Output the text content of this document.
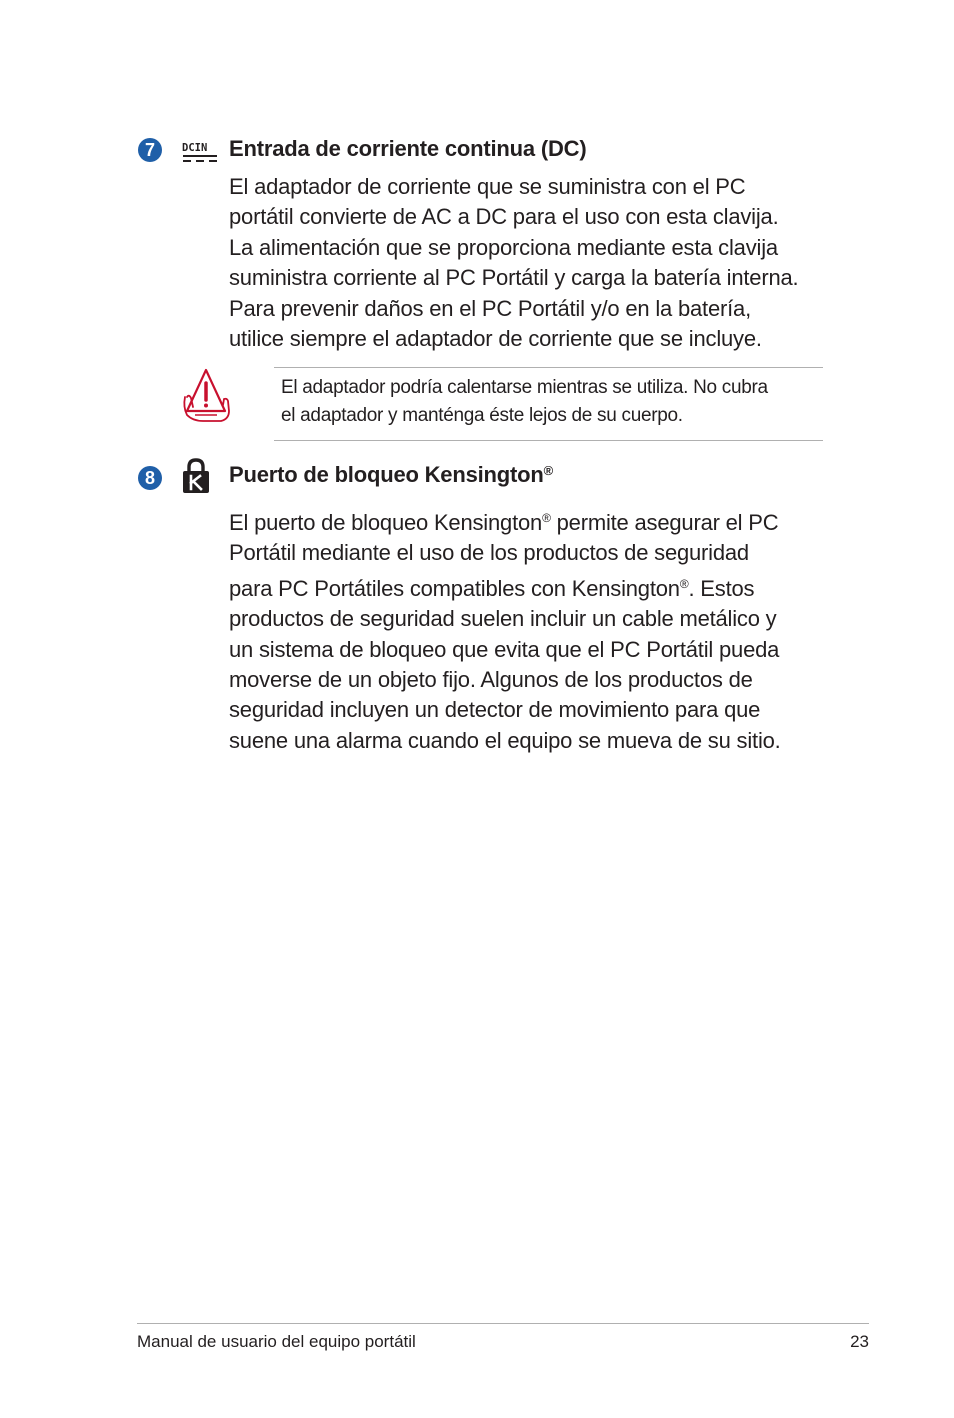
7	DCIN Entrada de corriente continua (DC)
El adaptador de corriente que se suministra con el PC
portátil convierte de AC a DC para el uso con esta clavija.
La alimentación que se proporciona mediante esta clavija
suministra corriente al PC Portátil y carga la batería interna.
Para prevenir daños en el PC Portátil y/o en la batería,
utilice siempre el adaptador de corriente que se incluye.
El adaptador podría calentarse mientras se utiliza. No cubra
el adaptador y manténga éste lejos de su cuerpo.
8	Puerto de bloqueo Kensington®
El puerto de bloqueo Kensington® permite asegurar el PC
Portátil mediante el uso de los productos de seguridad
para PC Portátiles compatibles con Kensington®. Estos
productos de seguridad suelen incluir un cable metálico y
un sistema de bloqueo que evita que el PC Portátil pueda
moverse de un objeto fijo. Algunos de los productos de
seguridad incluyen un detector de movimiento para que
suene una alarma cuando el equipo se mueva de su sitio.
Manual de usuario del equipo portátil	23
